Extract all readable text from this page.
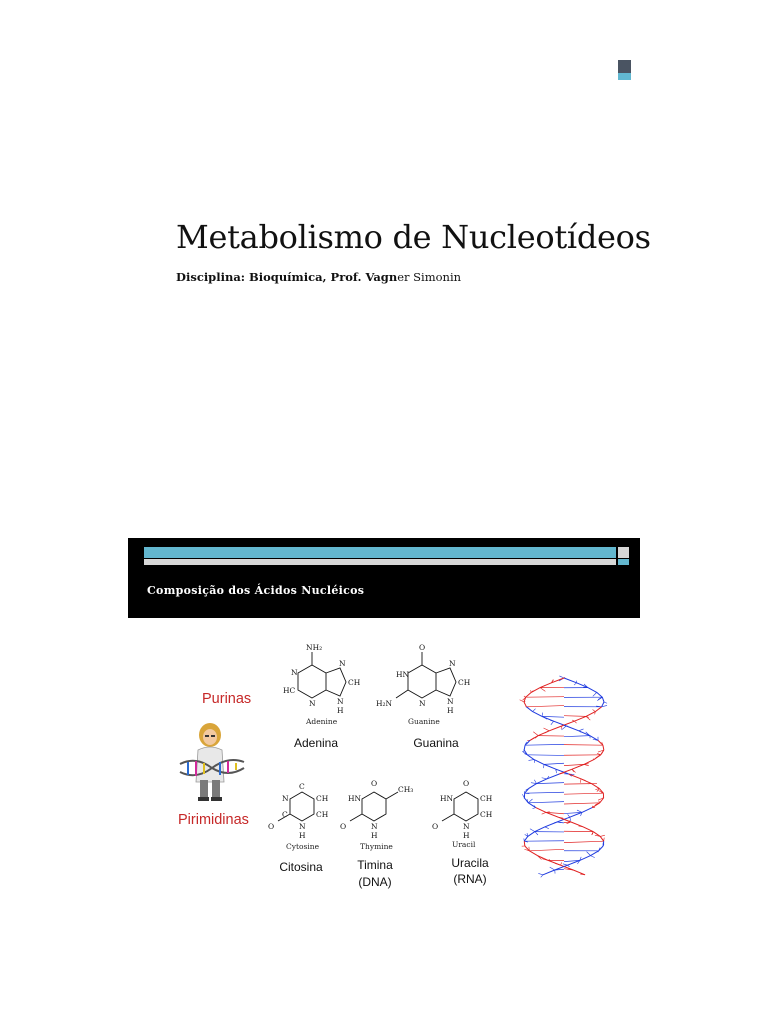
Metabolismo de Nucleotídeos
Disciplina: Bioquímica, Prof. Vagner Simonin
Composição dos Ácidos Nucléicos
Purinas
Pirimidinas
NH₂
N
HC
N
N
CH
N
H
Adenine
Adenina
O
HN
H₂N	N
N
CH
N
H
Guanine
Guanina
C
N	CH
C	CH
O	N
H
Cytosine
Citosina
O
HN
CH₃
O	N
H
Thymine
Timina
(DNA)
O
HN	CH
CH
O	N
H
Uracil
Uracila
(RNA)
